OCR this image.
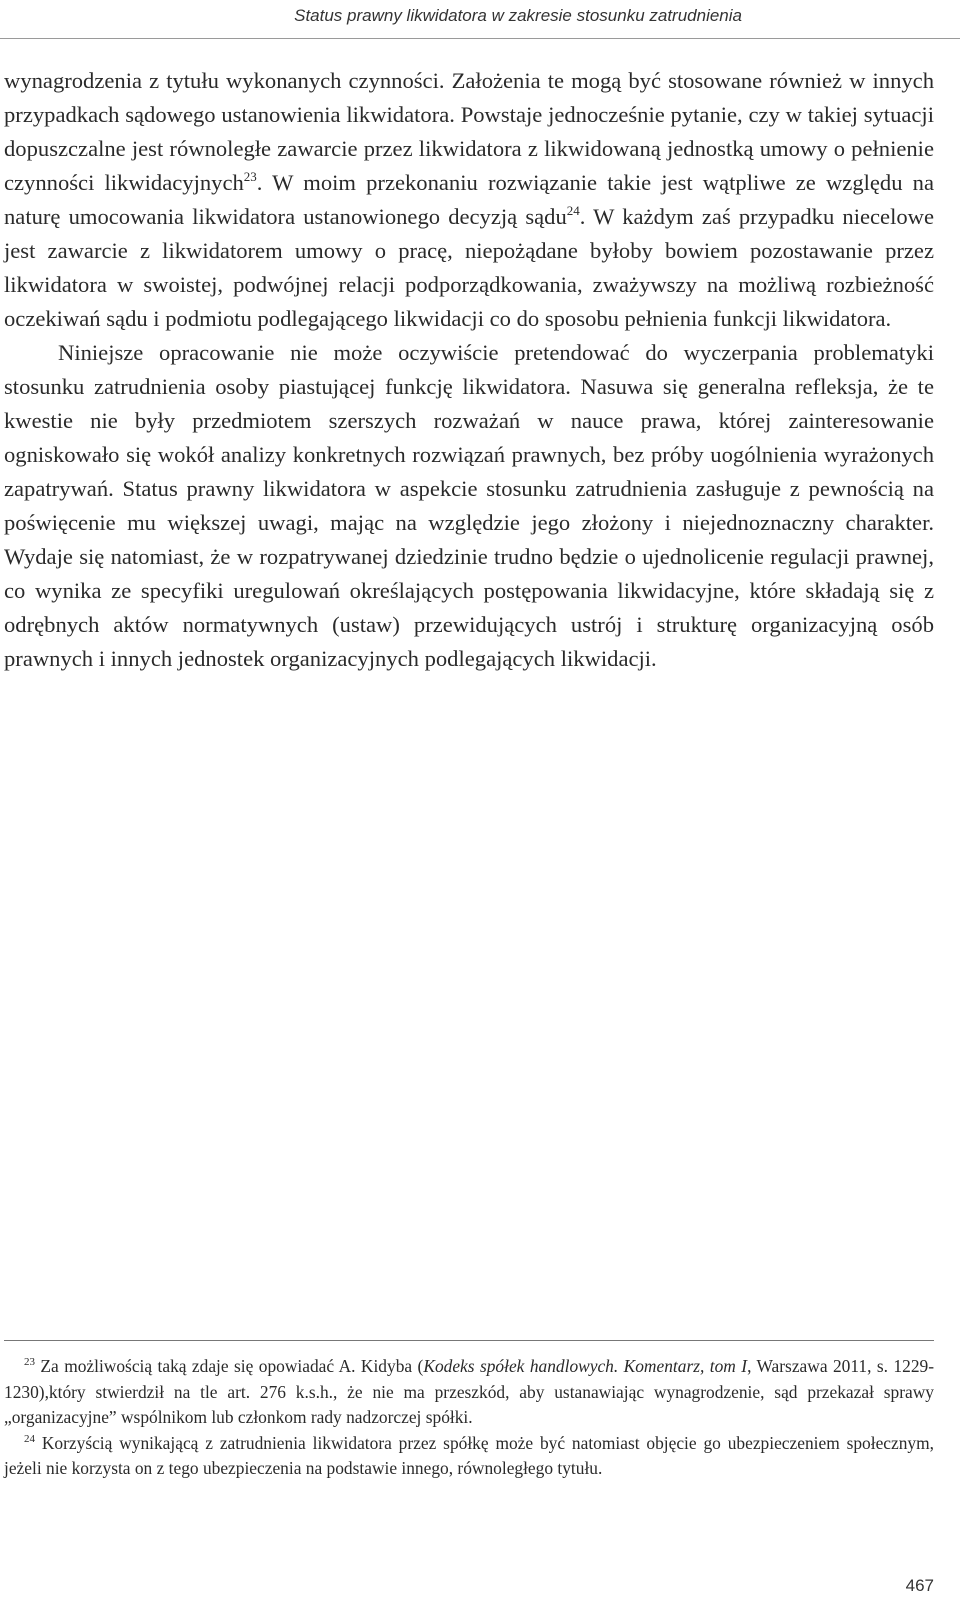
Status prawny likwidatora w zakresie stosunku zatrudnienia

wynagrodzenia z tytułu wykonanych czynności. Założenia te mogą być stosowane również w innych przypadkach sądowego ustanowienia likwidatora. Powstaje jednocześnie pytanie, czy w takiej sytuacji dopuszczalne jest równoległe zawarcie przez likwidatora z likwidowaną jednostką umowy o pełnienie czynności likwidacyjnych$^{23}$. W moim przekonaniu rozwiązanie takie jest wątpliwe ze względu na naturę umocowania likwidatora ustanowionego decyzją sądu$^{24}$. W każdym zaś przypadku niecelowe jest zawarcie z likwidatorem umowy o pracę, niepożądane byłoby bowiem pozostawanie przez likwidatora w swoistej, podwójnej relacji podporządkowania, zważywszy na możliwą rozbieżność oczekiwań sądu i podmiotu podlegającego likwidacji co do sposobu pełnienia funkcji likwidatora.

Niniejsze opracowanie nie może oczywiście pretendować do wyczerpania problematyki stosunku zatrudnienia osoby piastującej funkcję likwidatora. Nasuwa się generalna refleksja, że te kwestie nie były przedmiotem szerszych rozważań w nauce prawa, której zainteresowanie ogniskowało się wokół analizy konkretnych rozwiązań prawnych, bez próby uogólnienia wyrażonych zapatrywań. Status prawny likwidatora w aspekcie stosunku zatrudnienia zasługuje z pewnością na poświęcenie mu większej uwagi, mając na względzie jego złożony i niejednoznaczny charakter. Wydaje się natomiast, że w rozpatrywanej dziedzinie trudno będzie o ujednolicenie regulacji prawnej, co wynika ze specyfiki uregulowań określających postępowania likwidacyjne, które składają się z odrębnych aktów normatywnych (ustaw) przewidujących ustrój i strukturę organizacyjną osób prawnych i innych jednostek organizacyjnych podlegających likwidacji.

$^{23}$ Za możliwością taką zdaje się opowiadać A. Kidyba (Kodeks spółek handlowych. Komentarz, tom I, Warszawa 2011, s. 1229-1230),który stwierdził na tle art. 276 k.s.h., że nie ma przeszkód, aby ustanawiając wynagrodzenie, sąd przekazał sprawy „organizacyjne” wspólnikom lub członkom rady nadzorczej spółki.

$^{24}$ Korzyścią wynikającą z zatrudnienia likwidatora przez spółkę może być natomiast objęcie go ubezpieczeniem społecznym, jeżeli nie korzysta on z tego ubezpieczenia na podstawie innego, równoległego tytułu.

467
